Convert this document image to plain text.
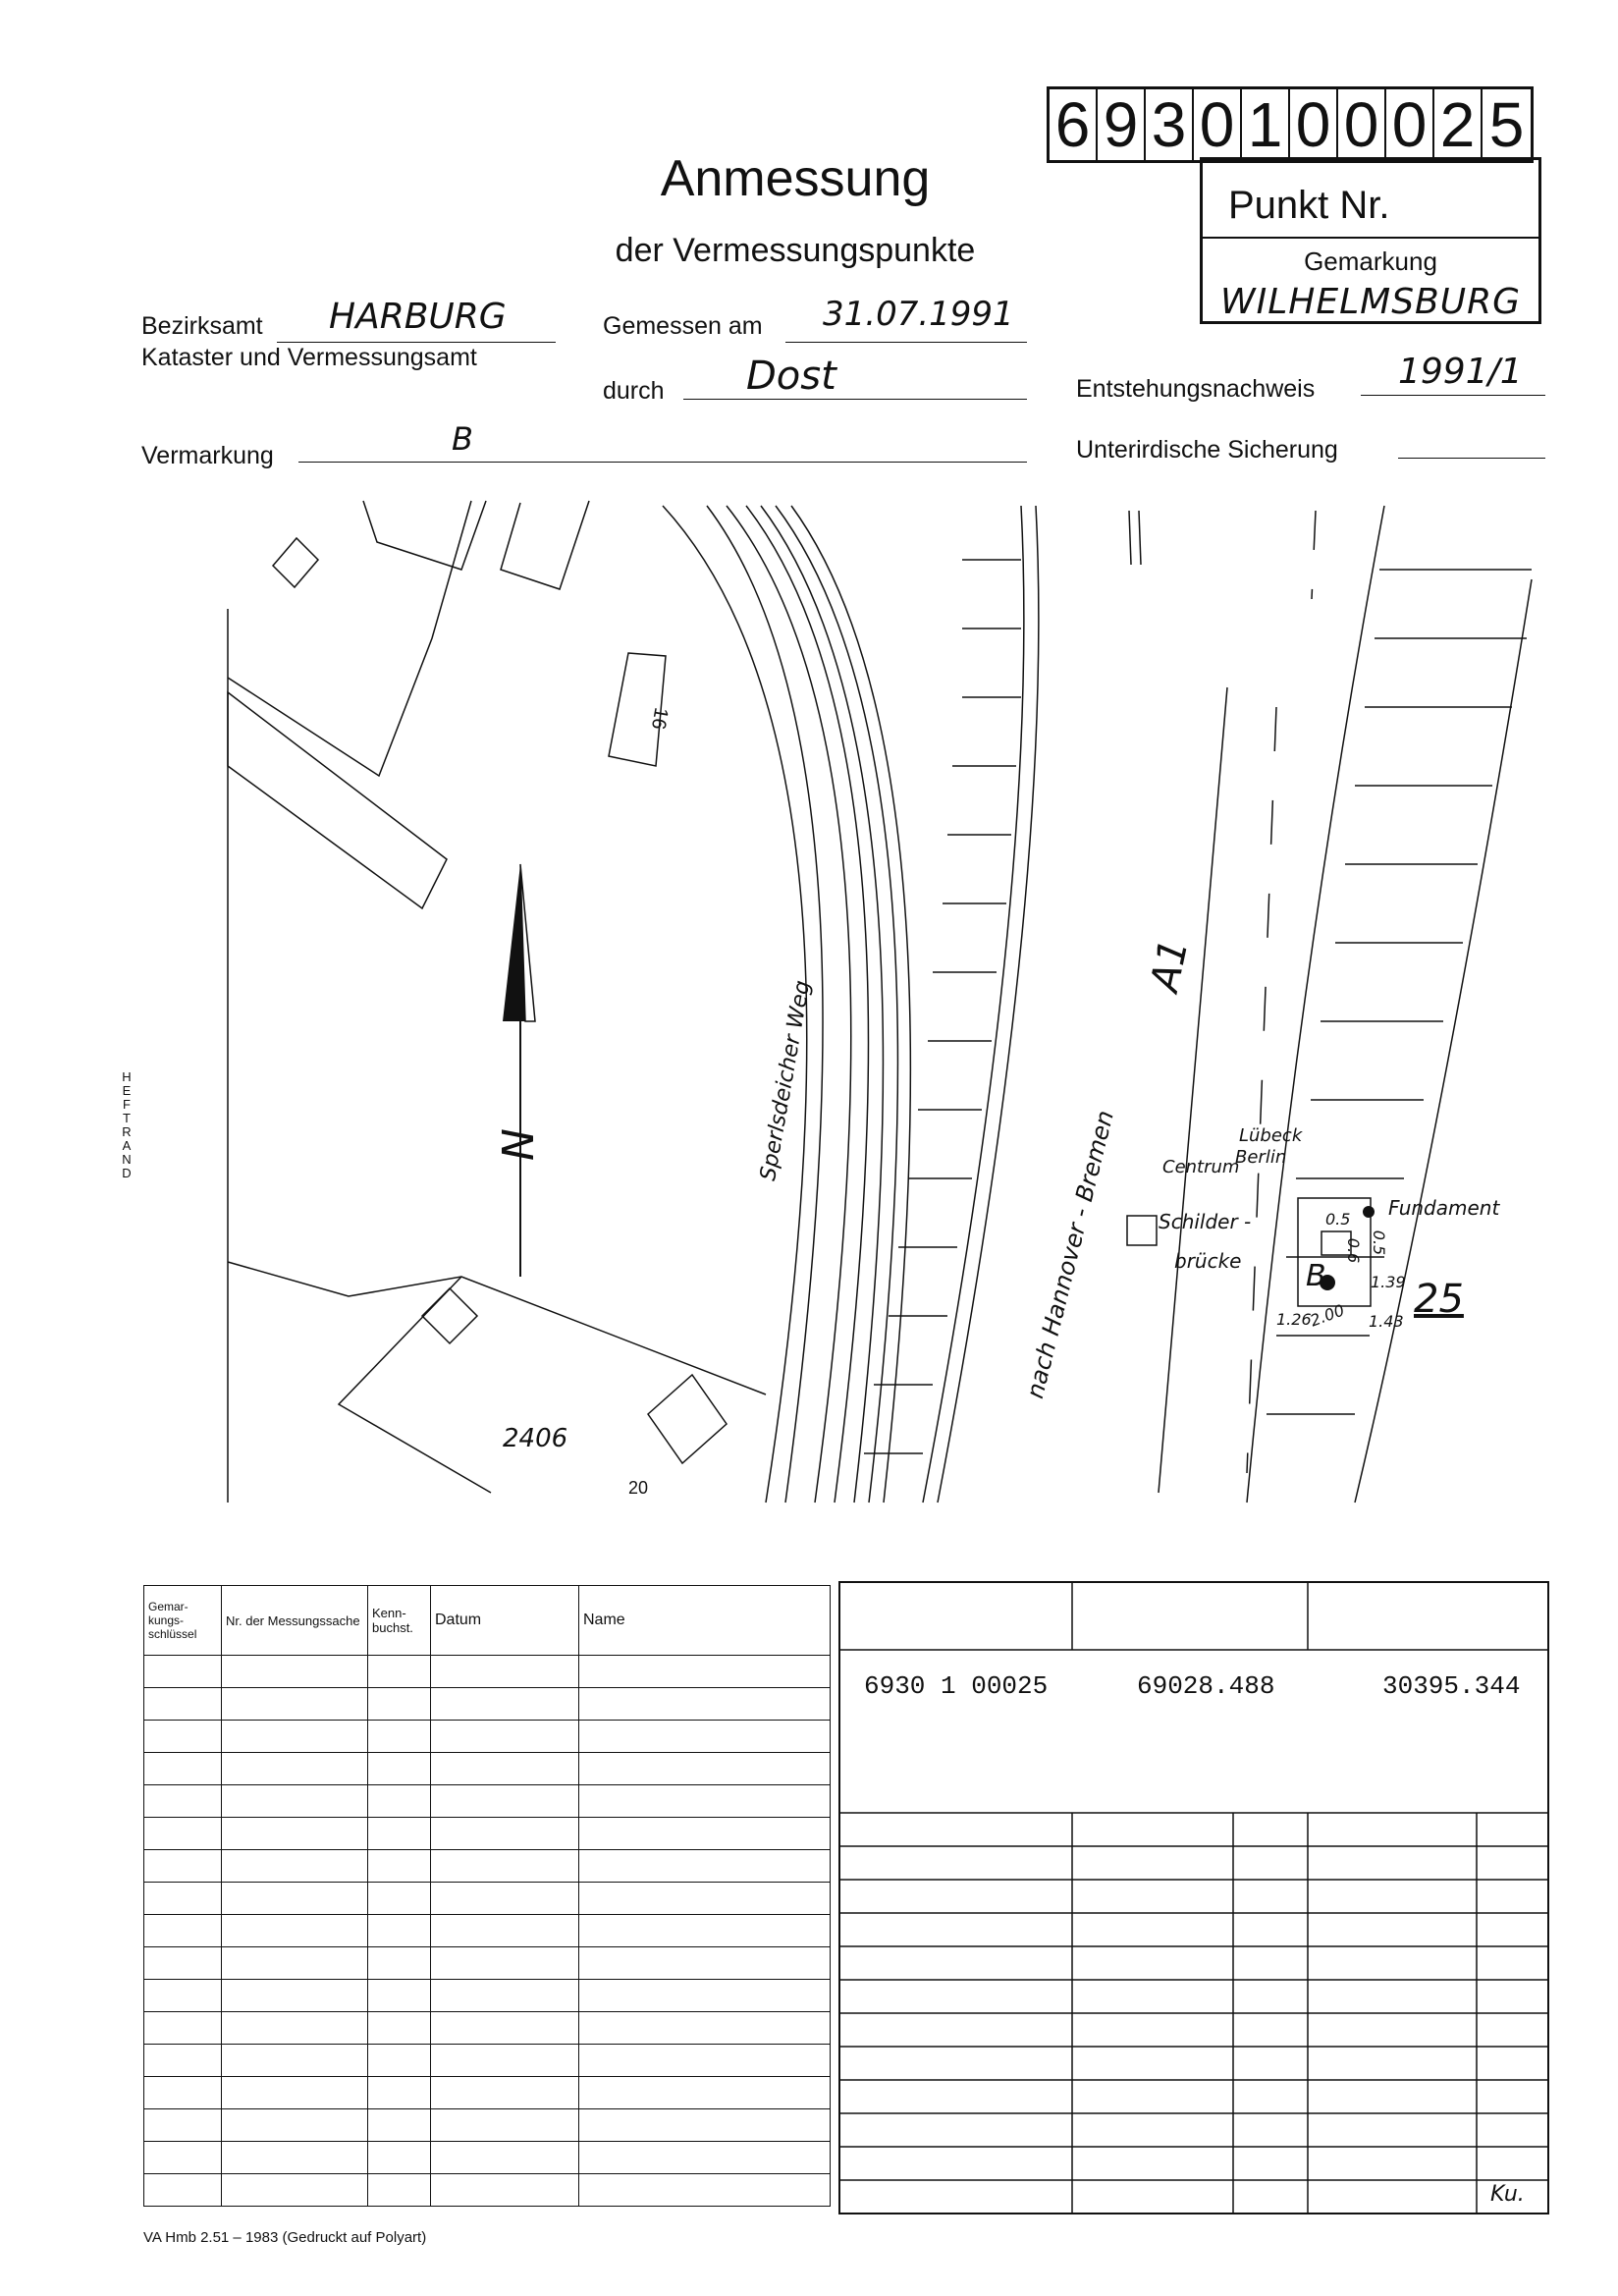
6 9 3 0 1 0 0 0 2 5
Punkt Nr.
Gemarkung
WILHELMSBURG
Anmessung
der Vermessungspunkte
Bezirksamt HARBURG
Kataster und Vermessungsamt
Gemessen am 31.07.1991
durch Dost	Entstehungsnachweis 1991/1
Vermarkung	B	Unterirdische Sicherung
HEFTRAND
16
20
2406
Sperlsdeicher Weg
A1
nach Hannover - Bremen	Lübeck
Berlin
Centrum
Schilder -
brücke
Fundament
B
25
0.5
0.5
0.6
1.39
2.00
1.26	1.43
N
Gemar-kungs-schlüssel	Nr. der Messungssache	Kenn-buchst.	Datum	Name

6930 1 00025	69028.488	30395.344
Ku.
VA Hmb 2.51 – 1983 (Gedruckt auf Polyart)
